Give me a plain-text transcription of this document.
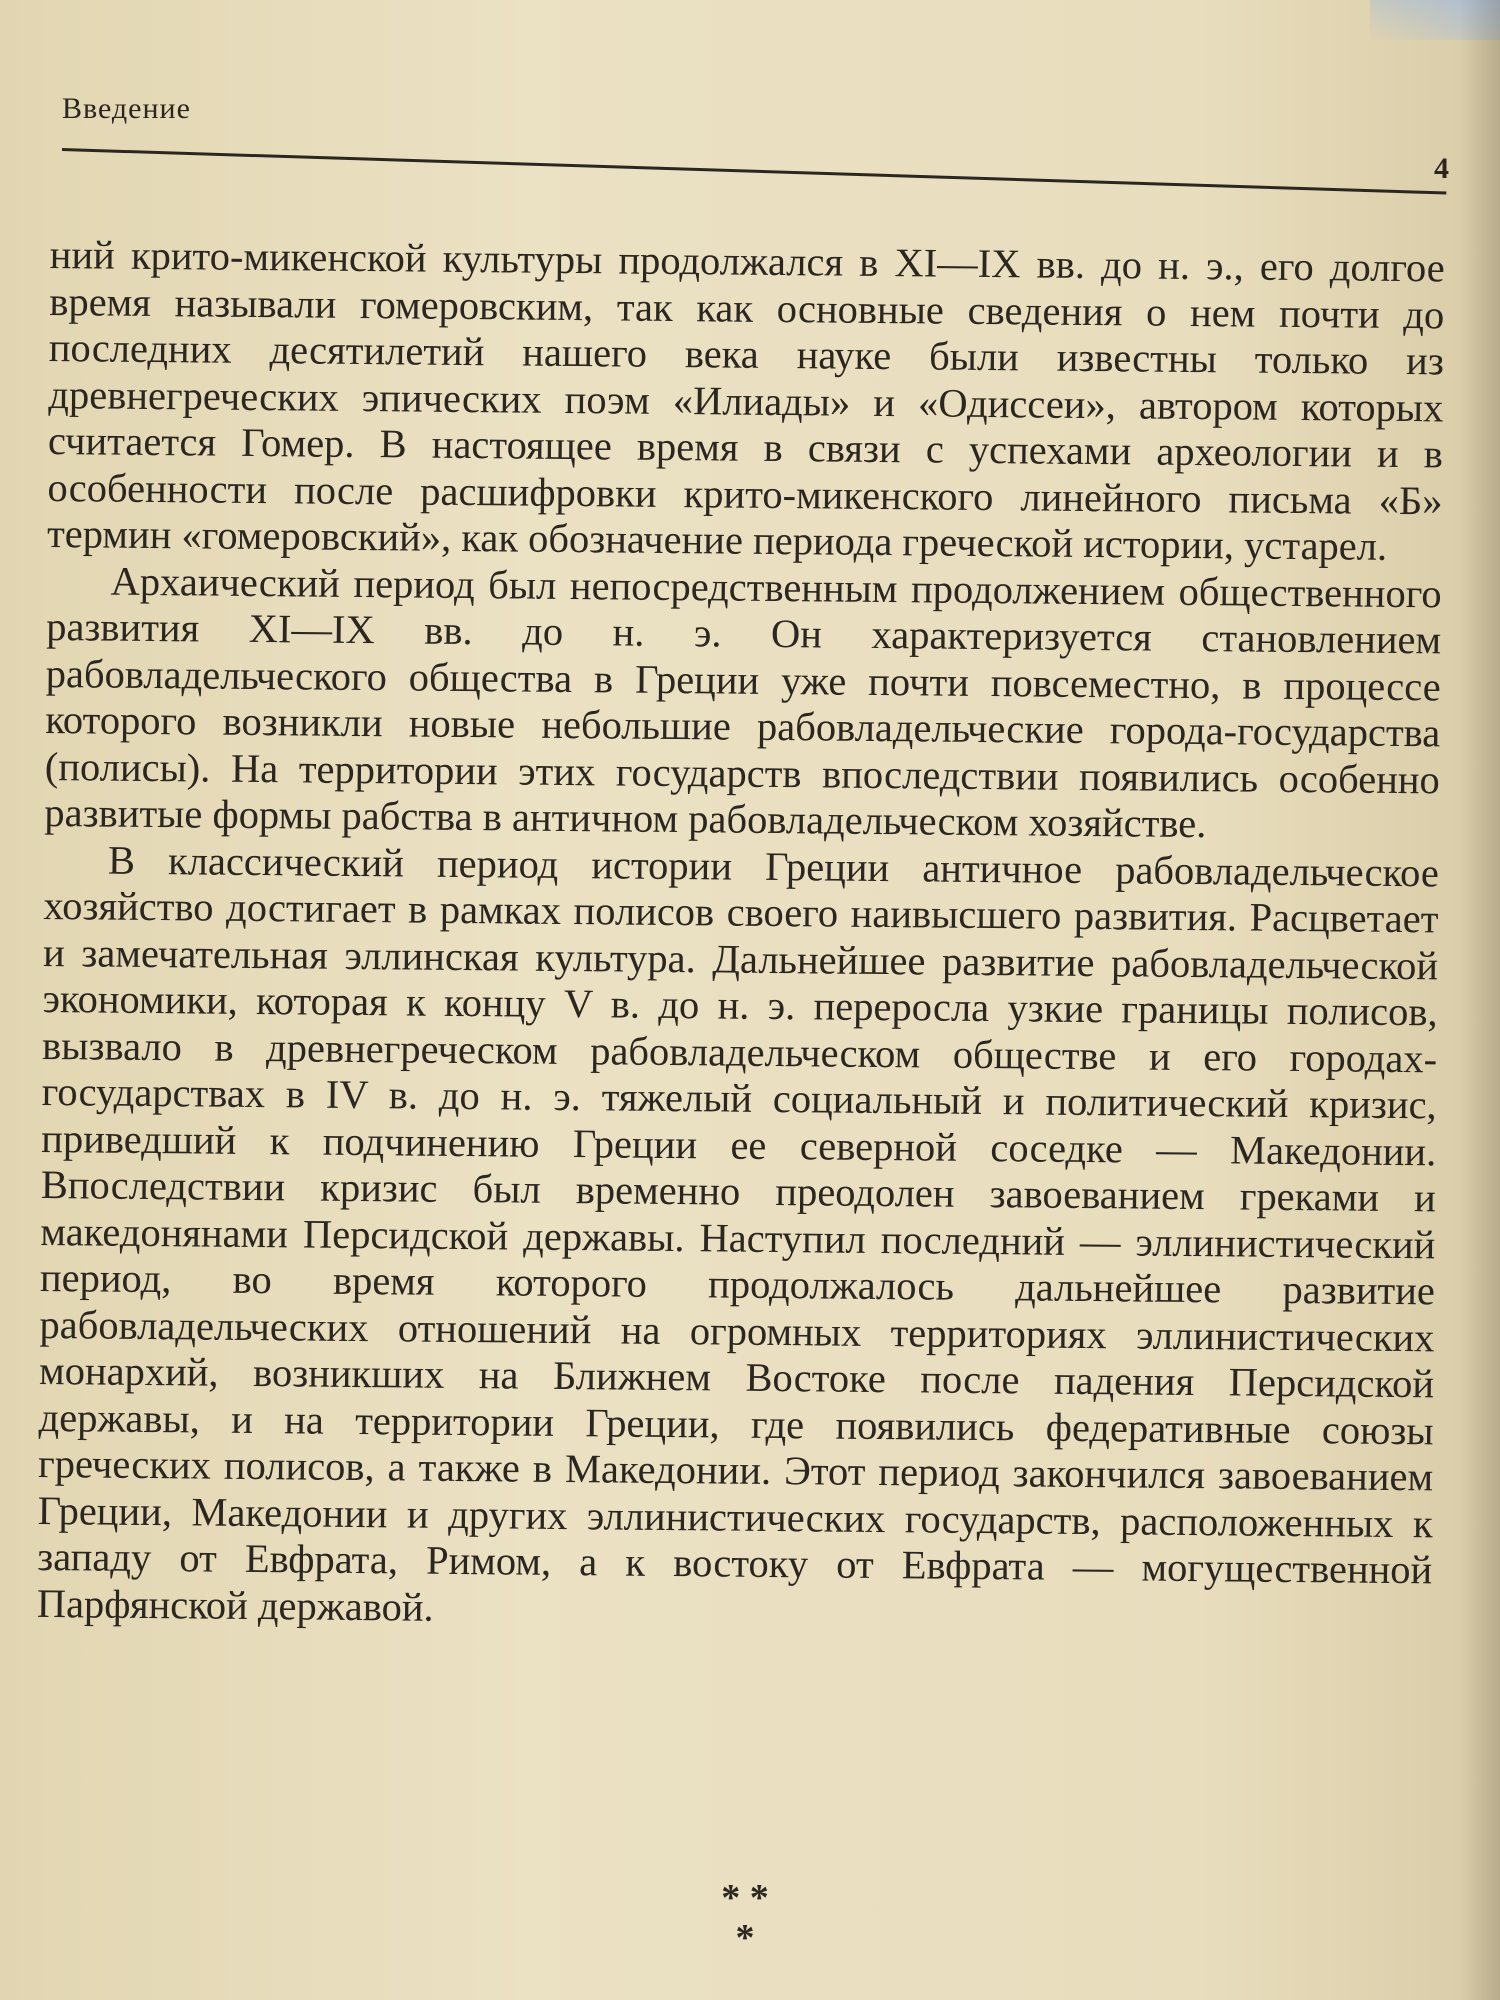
Введение
4

ний крито-микенской культуры продолжался в XI—IX вв. до н. э., его долгое время называли гомеровским, так как основные сведения о нем почти до последних десятилетий нашего века науке были известны только из древнегреческих эпических поэм «Илиады» и «Одиссеи», автором которых считается Гомер. В настоящее время в связи с успехами археологии и в особенности после расшифровки крито-микенского линейного письма «Б» термин «гомеровский», как обозначение периода греческой истории, устарел.

Архаический период был непосредственным продолжением общественного развития XI—IX вв. до н. э. Он характеризуется становлением рабовладельческого общества в Греции уже почти повсеместно, в процессе которого возникли новые небольшие рабовладельческие города-государства (полисы). На территории этих государств впоследствии появились особенно развитые формы рабства в античном рабовладельческом хозяйстве.

В классический период истории Греции античное рабовладельческое хозяйство достигает в рамках полисов своего наивысшего развития. Расцветает и замечательная эллинская культура. Дальнейшее развитие рабовладельческой экономики, которая к концу V в. до н. э. переросла узкие границы полисов, вызвало в древнегреческом рабовладельческом обществе и его городах-государствах в IV в. до н. э. тяжелый социальный и политический кризис, приведший к подчинению Греции ее северной соседке — Македонии. Впоследствии кризис был временно преодолен завоеванием греками и македонянами Персидской державы. Наступил последний — эллинистический период, во время которого продолжалось дальнейшее развитие рабовладельческих отношений на огромных территориях эллинистических монархий, возникших на Ближнем Востоке после падения Персидской державы, и на территории Греции, где появились федеративные союзы греческих полисов, а также в Македонии. Этот период закончился завоеванием Греции, Македонии и других эллинистических государств, расположенных к западу от Евфрата, Римом, а к востоку от Евфрата — могущественной Парфянской державой.

* *
*
